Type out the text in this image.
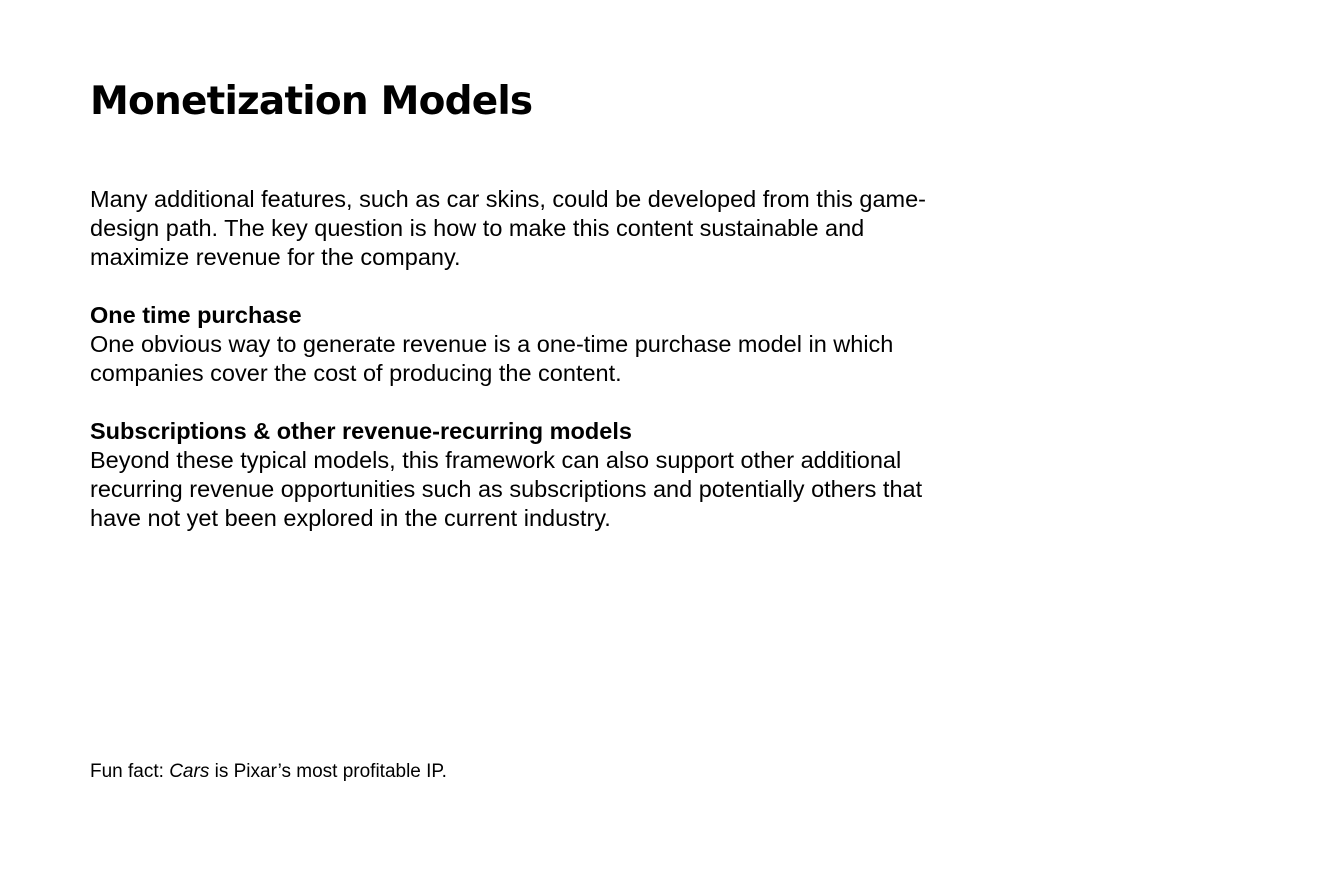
Monetization Models

Many additional features, such as car skins, could be developed from this game-design path. The key question is how to make this content sustainable and maximize revenue for the company.

One time purchase

One obvious way to generate revenue is a one-time purchase model in which companies cover the cost of producing the content.

Subscriptions & other revenue-recurring models

Beyond these typical models, this framework can also support other additional recurring revenue opportunities such as subscriptions and potentially others that have not yet been explored in the current industry.

Fun fact: Cars is Pixar’s most profitable IP.
